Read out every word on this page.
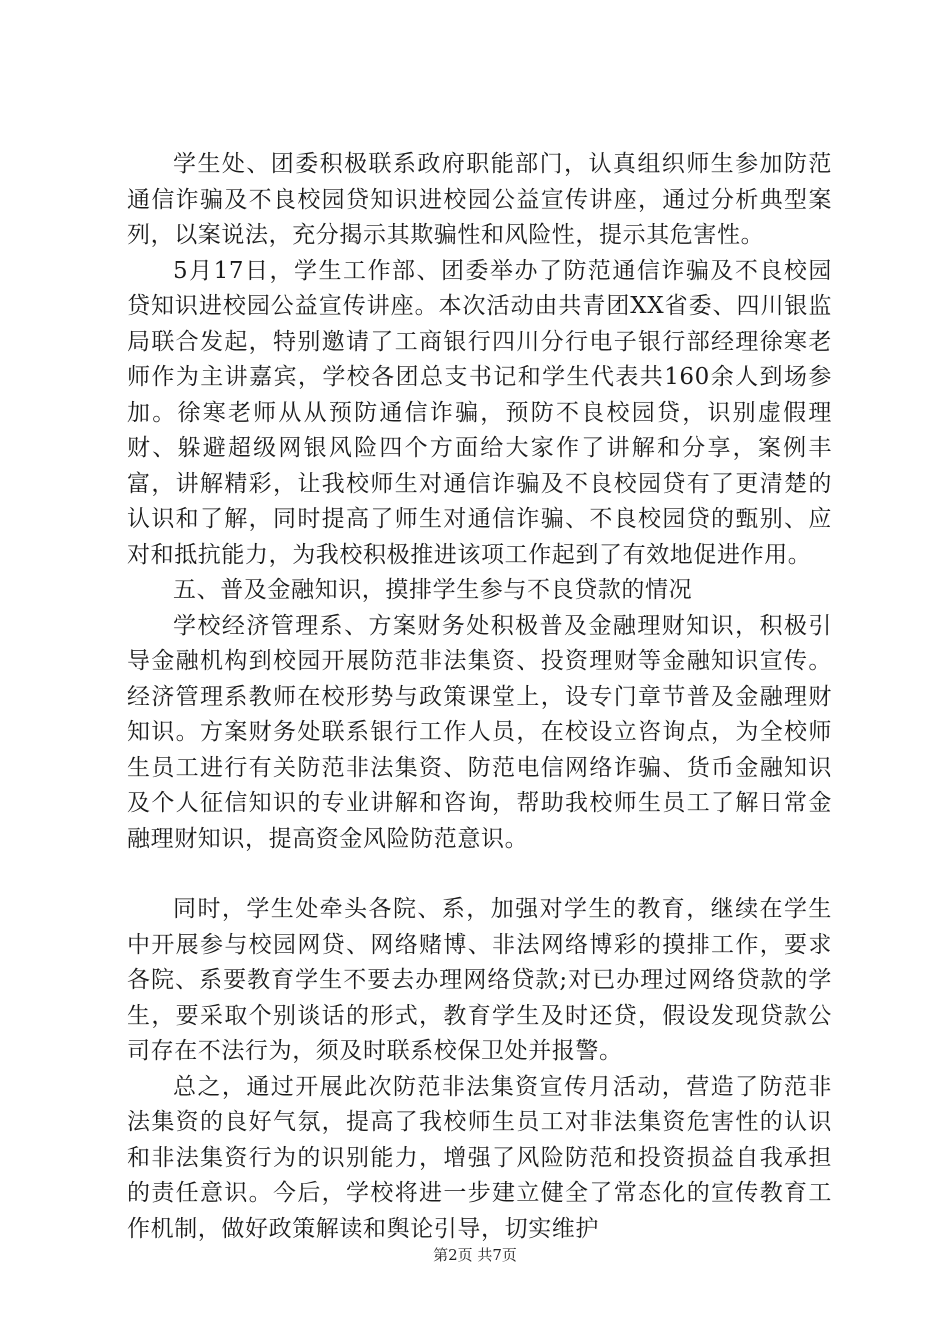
学生处、团委积极联系政府职能部门，认真组织师生参加防范通信诈骗及不良校园贷知识进校园公益宣传讲座，通过分析典型案列，以案说法，充分揭示其欺骗性和风险性，提示其危害性。

5月17日，学生工作部、团委举办了防范通信诈骗及不良校园贷知识进校园公益宣传讲座。本次活动由共青团XX省委、四川银监局联合发起，特别邀请了工商银行四川分行电子银行部经理徐寒老师作为主讲嘉宾，学校各团总支书记和学生代表共160余人到场参加。徐寒老师从从预防通信诈骗，预防不良校园贷，识别虚假理财、躲避超级网银风险四个方面给大家作了讲解和分享，案例丰富，讲解精彩，让我校师生对通信诈骗及不良校园贷有了更清楚的认识和了解，同时提高了师生对通信诈骗、不良校园贷的甄别、应对和抵抗能力，为我校积极推进该项工作起到了有效地促进作用。

五、普及金融知识，摸排学生参与不良贷款的情况

学校经济管理系、方案财务处积极普及金融理财知识，积极引导金融机构到校园开展防范非法集资、投资理财等金融知识宣传。经济管理系教师在校形势与政策课堂上，设专门章节普及金融理财知识。方案财务处联系银行工作人员，在校设立咨询点，为全校师生员工进行有关防范非法集资、防范电信网络诈骗、货币金融知识及个人征信知识的专业讲解和咨询，帮助我校师生员工了解日常金融理财知识，提高资金风险防范意识。

同时，学生处牵头各院、系，加强对学生的教育，继续在学生中开展参与校园网贷、网络赌博、非法网络博彩的摸排工作，要求各院、系要教育学生不要去办理网络贷款;对已办理过网络贷款的学生，要采取个别谈话的形式，教育学生及时还贷，假设发现贷款公司存在不法行为，须及时联系校保卫处并报警。

总之，通过开展此次防范非法集资宣传月活动，营造了防范非法集资的良好气氛，提高了我校师生员工对非法集资危害性的认识和非法集资行为的识别能力，增强了风险防范和投资损益自我承担的责任意识。今后，学校将进一步建立健全了常态化的宣传教育工作机制，做好政策解读和舆论引导，切实维护

第2页 共7页
